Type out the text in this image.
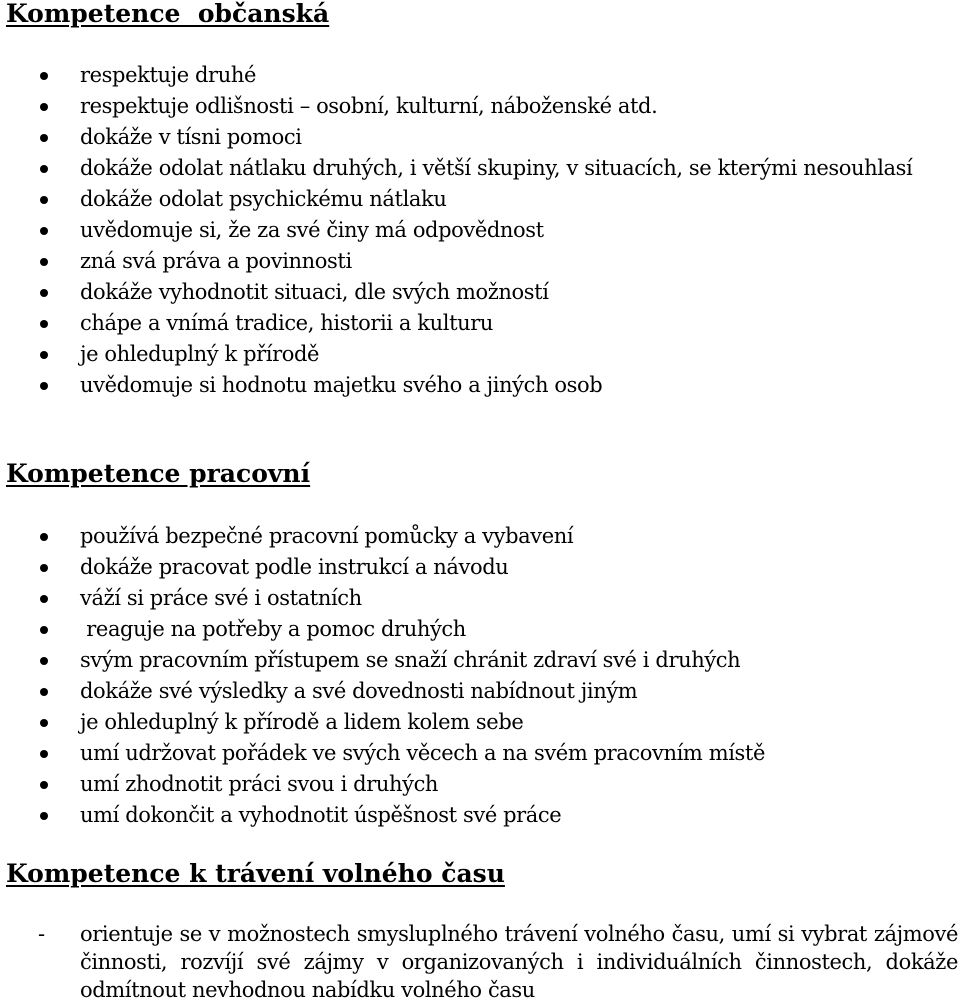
Kompetence  občanská
respektuje druhé
respektuje odlišnosti – osobní, kulturní, náboženské atd.
dokáže v tísni pomoci
dokáže odolat nátlaku druhých, i větší skupiny, v situacích, se kterými nesouhlasí
dokáže odolat psychickému nátlaku
uvědomuje si, že za své činy má odpovědnost
zná svá práva a povinnosti
dokáže vyhodnotit situaci, dle svých možností
chápe a vnímá tradice, historii a kulturu
je ohleduplný k přírodě
uvědomuje si hodnotu majetku svého a jiných osob
Kompetence pracovní
používá bezpečné pracovní pomůcky a vybavení
dokáže pracovat podle instrukcí a návodu
váží si práce své i ostatních
reaguje na potřeby a pomoc druhých
svým pracovním přístupem se snaží chránit zdraví své i druhých
dokáže své výsledky a své dovednosti nabídnout jiným
je ohleduplný k přírodě a lidem kolem sebe
umí udržovat pořádek ve svých věcech a na svém pracovním místě
umí zhodnotit práci svou i druhých
umí dokončit a vyhodnotit úspěšnost své práce
Kompetence k trávení volného času
- orientuje se v možnostech smysluplného trávení volného času, umí si vybrat zájmové činnosti, rozvíjí své zájmy v organizovaných i individuálních činnostech, dokáže odmítnout nevhodnou nabídku volného času
